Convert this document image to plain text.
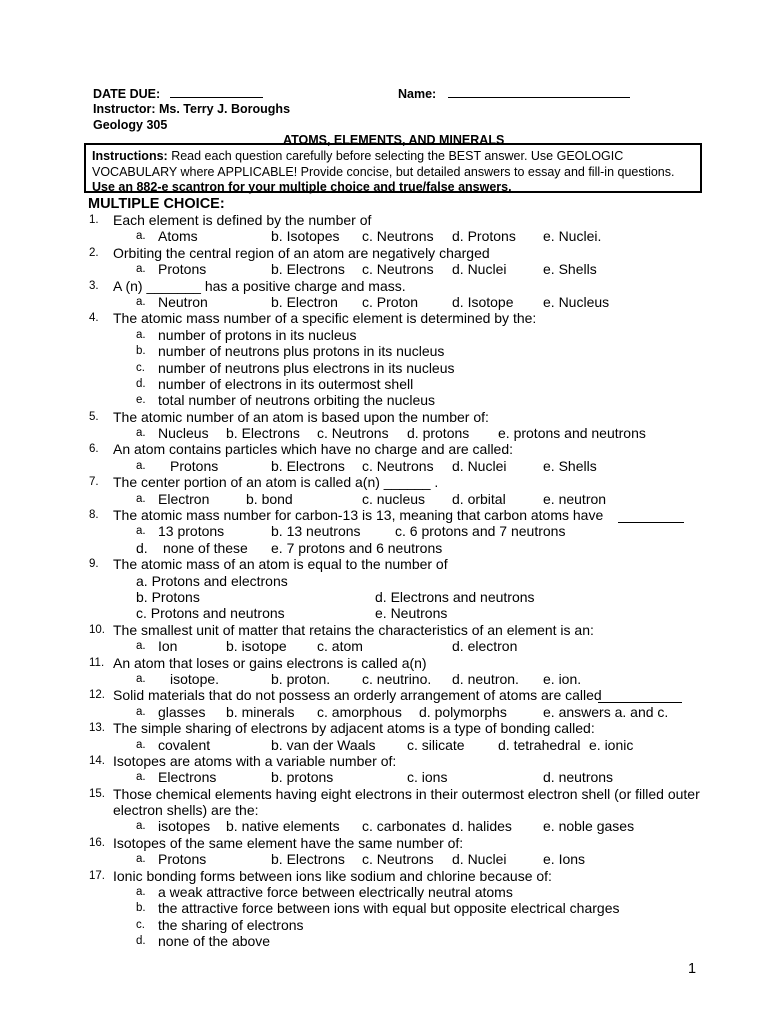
DATE DUE:	Name:
Instructor: Ms. Terry J. Boroughs
Geology 305
ATOMS, ELEMENTS, AND MINERALS
Instructions: Read each question carefully before selecting the BEST answer. Use GEOLOGIC
VOCABULARY where APPLICABLE! Provide concise, but detailed answers to essay and fill-in questions.
Use an 882-e scantron for your multiple choice and true/false answers.
MULTIPLE CHOICE:
1. Each element is defined by the number of
a. Atoms	b. Isotopes c. Neutrons d. Protons e. Nuclei.
2. Orbiting the central region of an atom are negatively charged
a. Protons	b. Electrons c. Neutrons d. Nuclei	e. Shells
3. A (n) _______ has a positive charge and mass.
a. Neutron	b. Electron c. Proton d. Isotope e. Nucleus
4. The atomic mass number of a specific element is determined by the:
a. number of protons in its nucleus
b. number of neutrons plus protons in its nucleus
c. number of neutrons plus electrons in its nucleus
d. number of electrons in its outermost shell
e. total number of neutrons orbiting the nucleus
5. The atomic number of an atom is based upon the number of:
a. Nucleus b. Electrons c. Neutrons d. protons e. protons and neutrons
6. An atom contains particles which have no charge and are called:
a. Protons	b. Electrons c. Neutrons d. Nuclei	e. Shells
7. The center portion of an atom is called a(n) ______ .
a. Electron	b. bond	c. nucleus d. orbital	e. neutron
8. The atomic mass number for carbon-13 is 13, meaning that carbon atoms have
a. 13 protons	b. 13 neutrons c. 6 protons and 7 neutrons
d. none of these e. 7 protons and 6 neutrons
9. The atomic mass of an atom is equal to the number of
a. Protons and electrons
b. Protons	d. Electrons and neutrons
c. Protons and neutrons	e. Neutrons
10. The smallest unit of matter that retains the characteristics of an element is an:
a. Ion	b. isotope c. atom	d. electron
11. An atom that loses or gains electrons is called a(n)
a. isotope.	b. proton. c. neutrino. d. neutron. e. ion.
12. Solid materials that do not possess an orderly arrangement of atoms are called
a. glasses b. minerals c. amorphous d. polymorphs	e. answers a. and c.
13. The simple sharing of electrons by adjacent atoms is a type of bonding called:
a. covalent	b. van der Waals c. silicate d. tetrahedral e. ionic
14. Isotopes are atoms with a variable number of:
a. Electrons	b. protons	c. ions	d. neutrons
15. Those chemical elements having eight electrons in their outermost electron shell (or filled outer electron shells) are the:
a. isotopes b. native elements c. carbonates d. halides e. noble gases
16. Isotopes of the same element have the same number of:
a. Protons	b. Electrons c. Neutrons d. Nuclei	e. Ions
17. Ionic bonding forms between ions like sodium and chlorine because of:
a. a weak attractive force between electrically neutral atoms
b. the attractive force between ions with equal but opposite electrical charges
c. the sharing of electrons
d. none of the above
1
